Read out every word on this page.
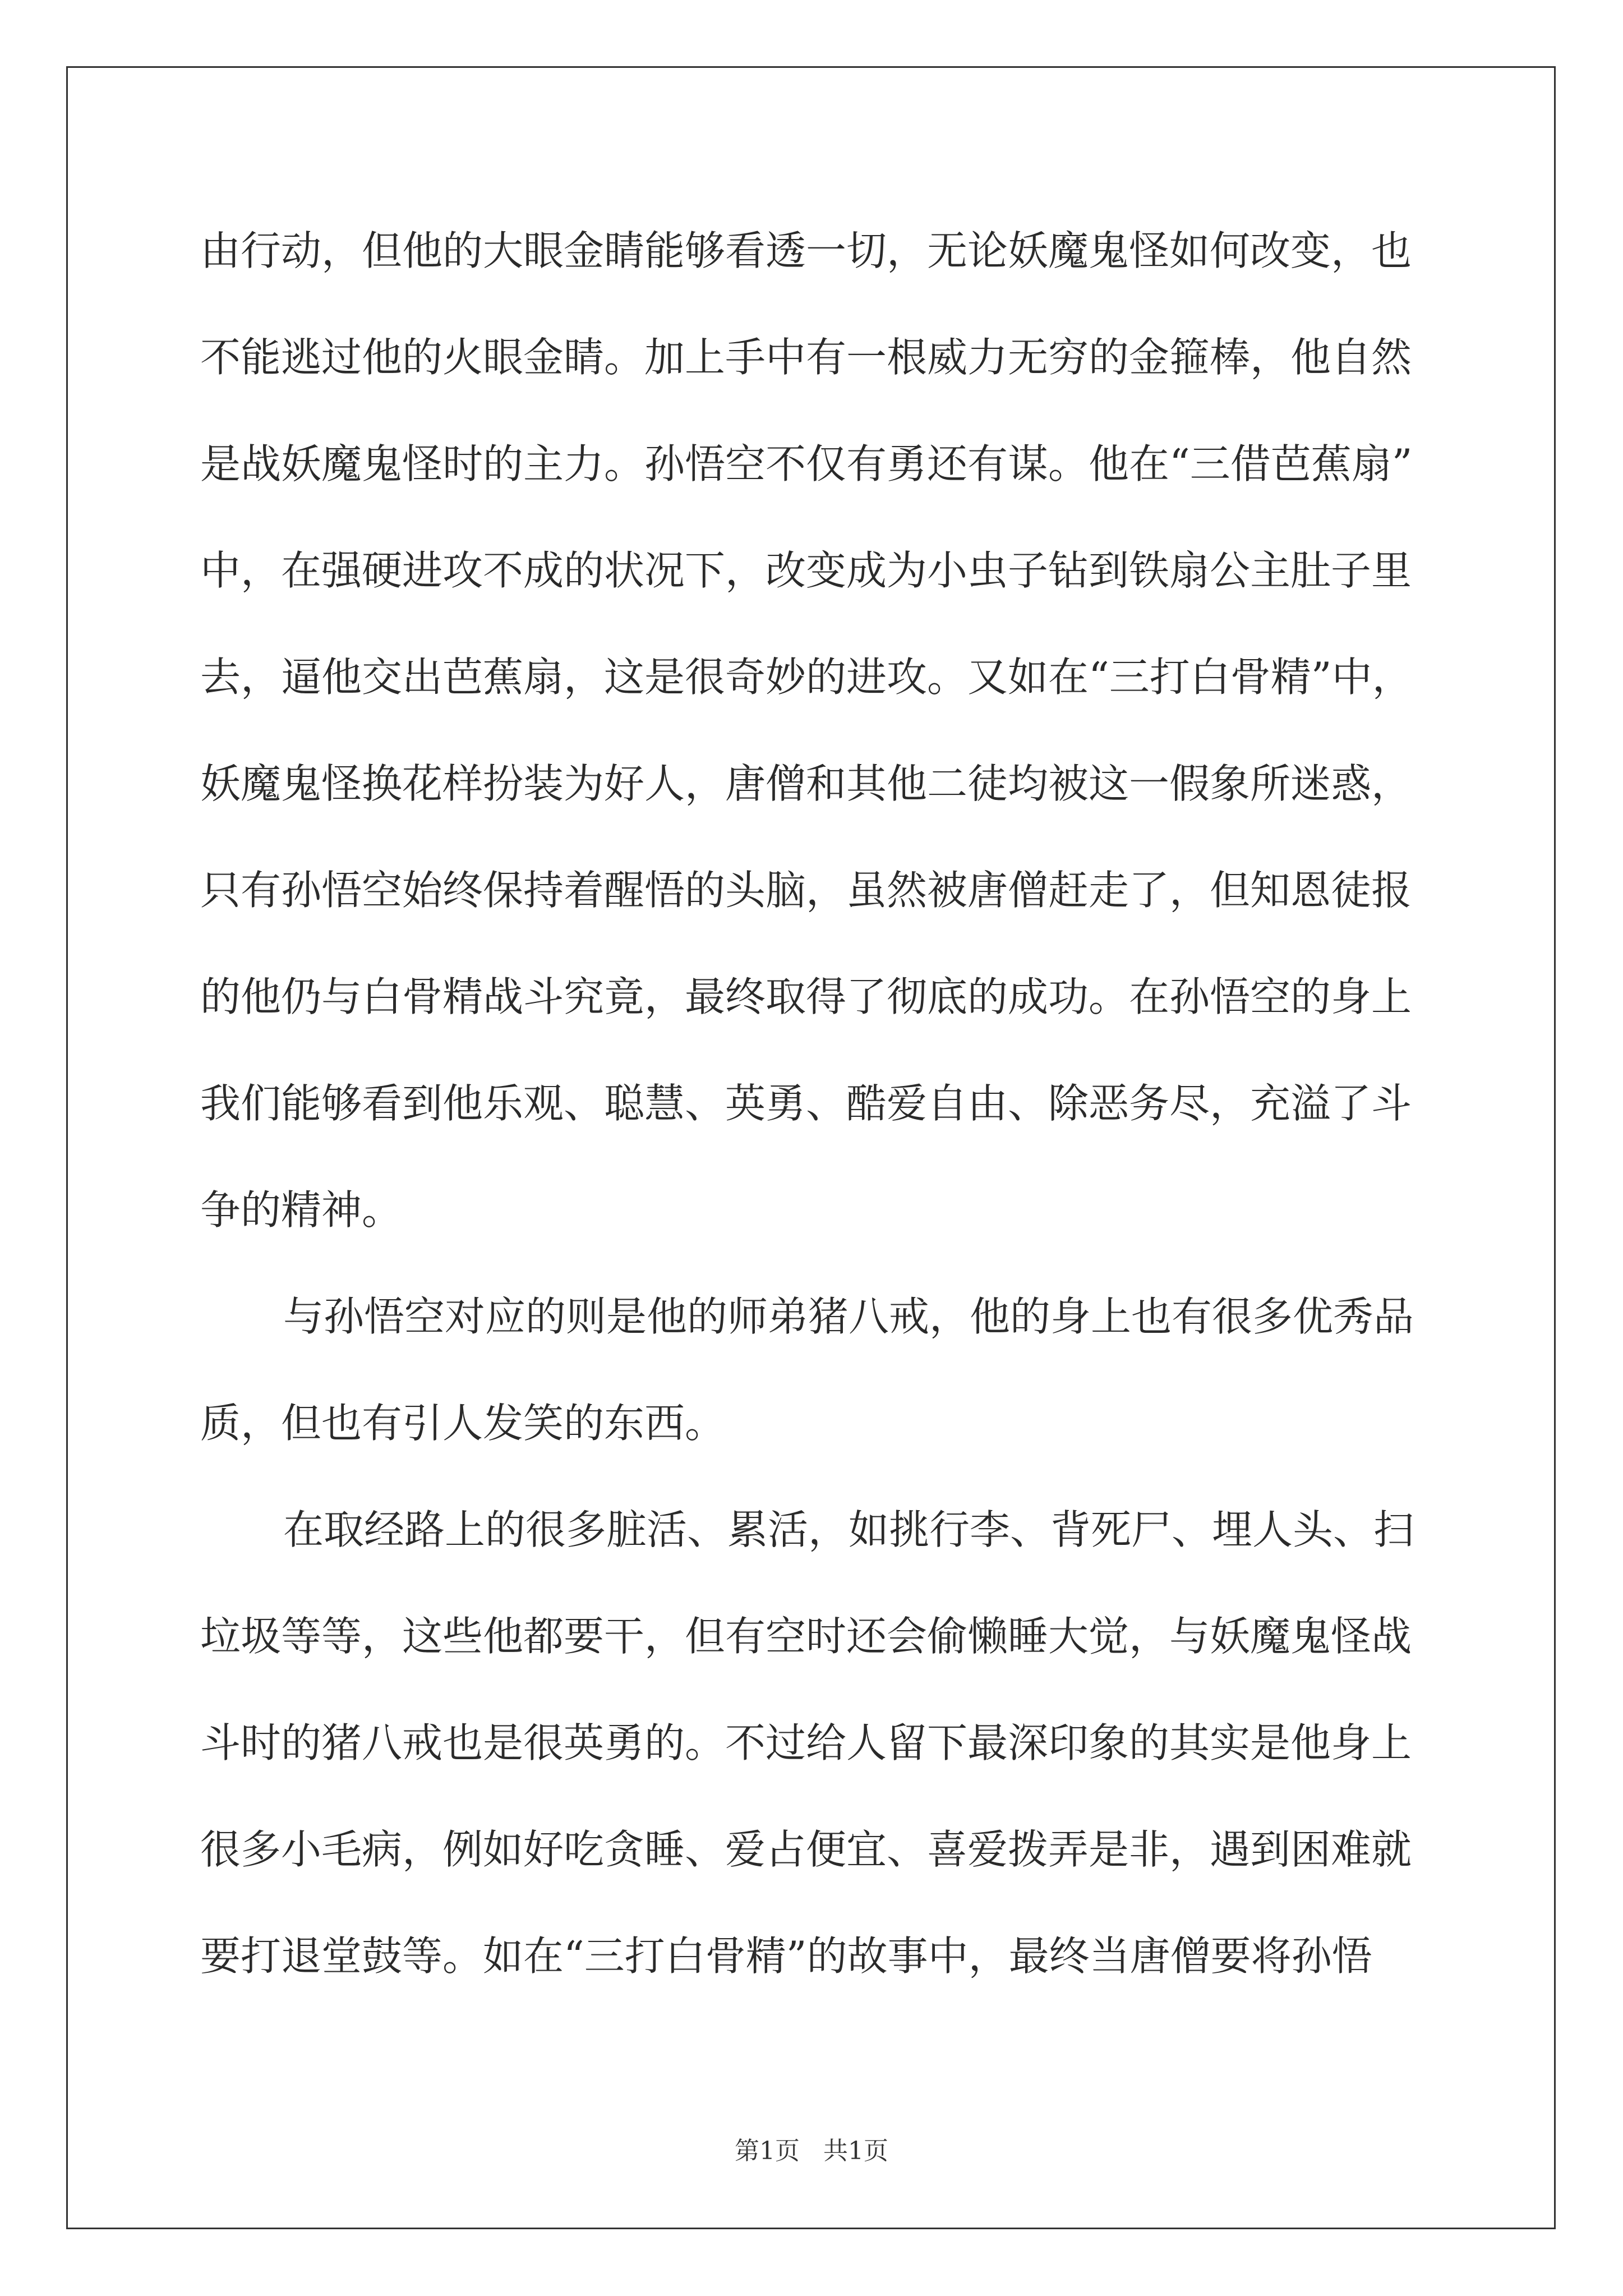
由行动，但他的大眼金睛能够看透一切，无论妖魔鬼怪如何改变，也

不能逃过他的火眼金睛。加上手中有一根威力无穷的金箍棒，他自然

是战妖魔鬼怪时的主力。孙悟空不仅有勇还有谋。他在“三借芭蕉扇”

中，在强硬进攻不成的状况下，改变成为小虫子钻到铁扇公主肚子里

去，逼他交出芭蕉扇，这是很奇妙的进攻。又如在“三打白骨精”中，

妖魔鬼怪换花样扮装为好人，唐僧和其他二徒均被这一假象所迷惑，

只有孙悟空始终保持着醒悟的头脑，虽然被唐僧赶走了，但知恩徒报

的他仍与白骨精战斗究竟，最终取得了彻底的成功。在孙悟空的身上

我们能够看到他乐观、聪慧、英勇、酷爱自由、除恶务尽，充溢了斗

争的精神。

与孙悟空对应的则是他的师弟猪八戒，他的身上也有很多优秀品

质，但也有引人发笑的东西。

在取经路上的很多脏活、累活，如挑行李、背死尸、埋人头、扫

垃圾等等，这些他都要干，但有空时还会偷懒睡大觉，与妖魔鬼怪战

斗时的猪八戒也是很英勇的。不过给人留下最深印象的其实是他身上

很多小毛病，例如好吃贪睡、爱占便宜、喜爱拨弄是非，遇到困难就

要打退堂鼓等。如在“三打白骨精”的故事中，最终当唐僧要将孙悟

第1页   共1页
